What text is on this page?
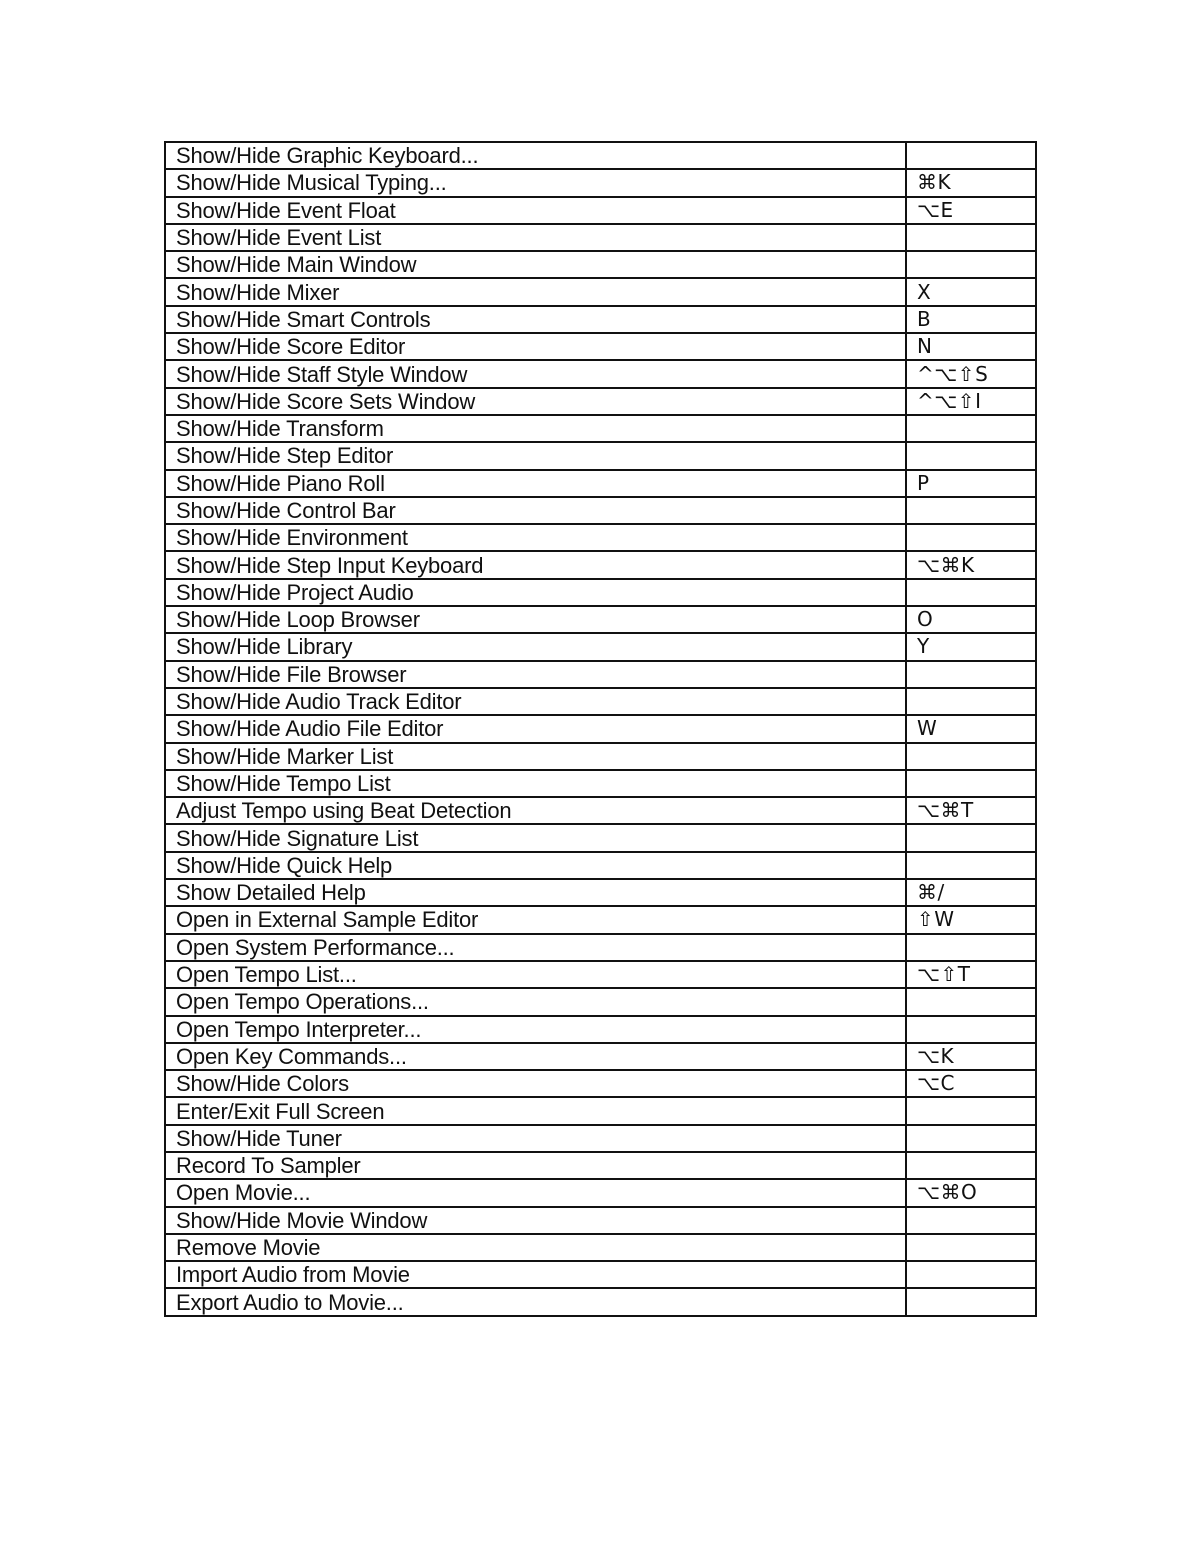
Show/Hide Graphic Keyboard...	
Show/Hide Musical Typing...	⌘K
Show/Hide Event Float	⌥E
Show/Hide Event List	
Show/Hide Main Window	
Show/Hide Mixer	X
Show/Hide Smart Controls	B
Show/Hide Score Editor	N
Show/Hide Staff Style Window	^⌥⇧S
Show/Hide Score Sets Window	^⌥⇧I
Show/Hide Transform	
Show/Hide Step Editor	
Show/Hide Piano Roll	P
Show/Hide Control Bar	
Show/Hide Environment	
Show/Hide Step Input Keyboard	⌥⌘K
Show/Hide Project Audio	
Show/Hide Loop Browser	O
Show/Hide Library	Y
Show/Hide File Browser	
Show/Hide Audio Track Editor	
Show/Hide Audio File Editor	W
Show/Hide Marker List	
Show/Hide Tempo List	
Adjust Tempo using Beat Detection	⌥⌘T
Show/Hide Signature List	
Show/Hide Quick Help	
Show Detailed Help	⌘/
Open in External Sample Editor	⇧W
Open System Performance...	
Open Tempo List...	⌥⇧T
Open Tempo Operations...	
Open Tempo Interpreter...	
Open Key Commands...	⌥K
Show/Hide Colors	⌥C
Enter/Exit Full Screen	
Show/Hide Tuner	
Record To Sampler	
Open Movie...	⌥⌘O
Show/Hide Movie Window	
Remove Movie	
Import Audio from Movie	
Export Audio to Movie...	
